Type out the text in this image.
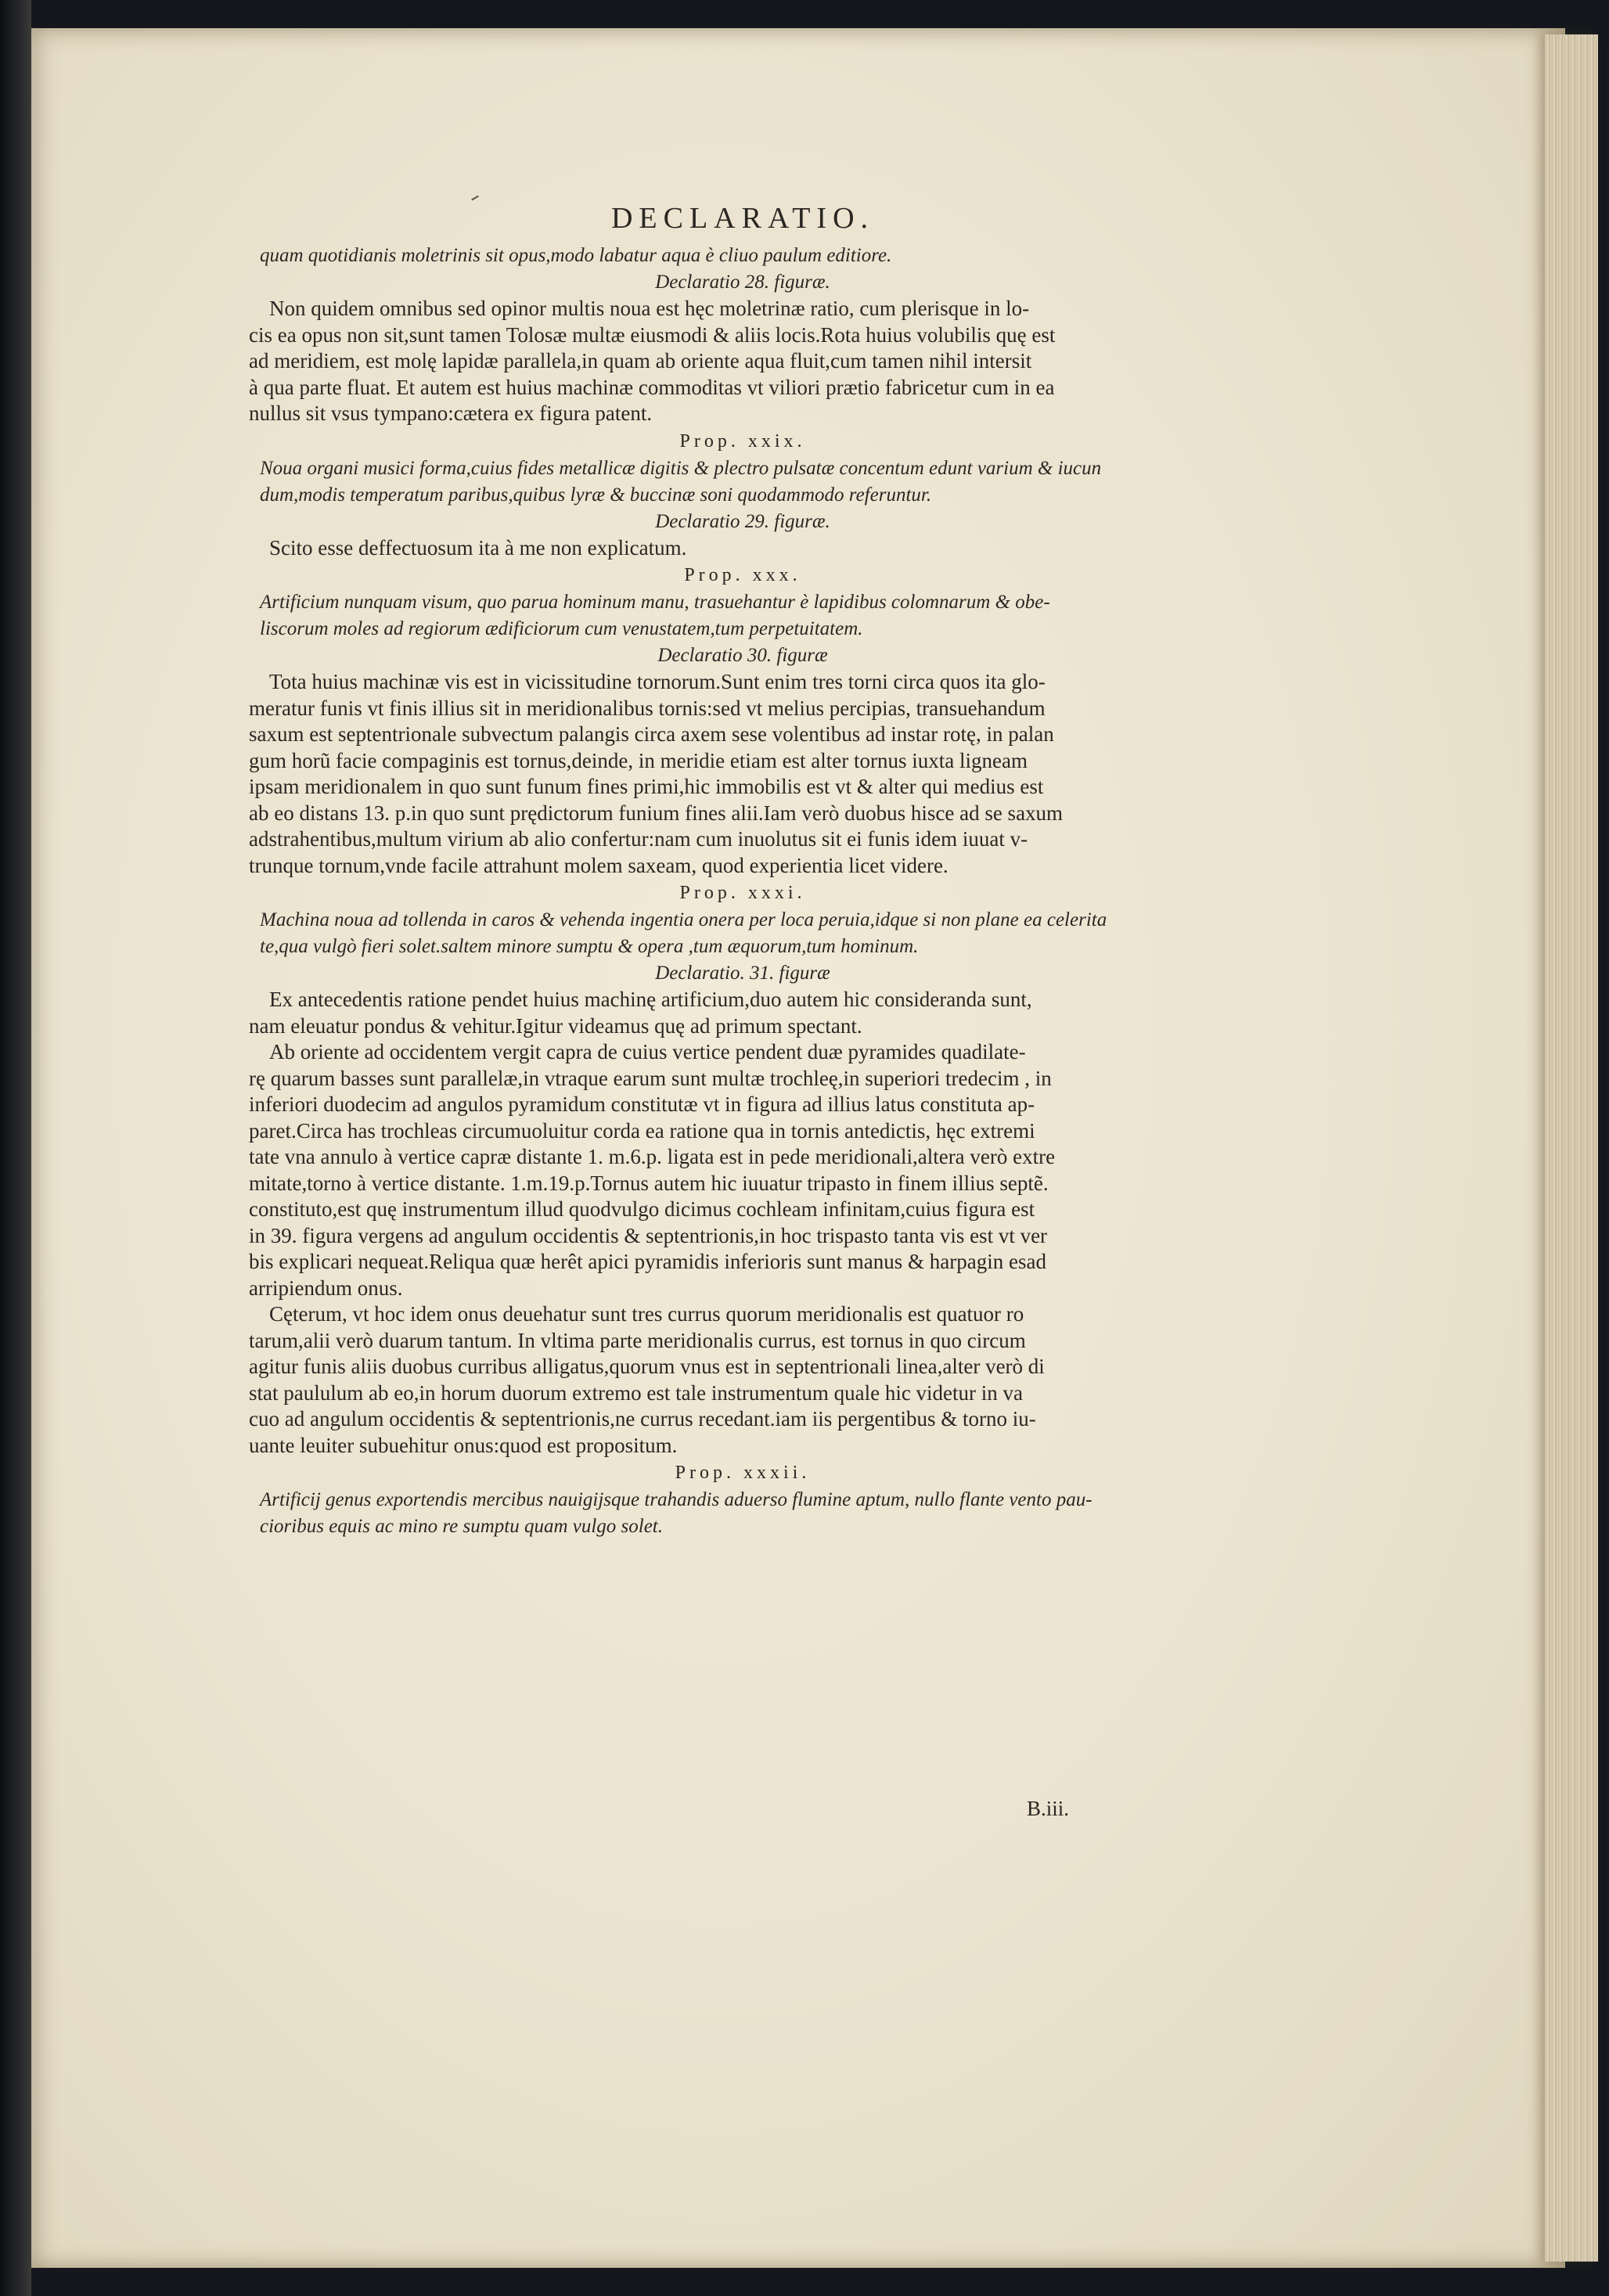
DECLARATIO.
quam quotidianis moletrinis sit opus,modo labatur aqua è cliuo paulum editiore.
Declaratio 28. figuræ.
Non quidem omnibus sed opinor multis noua est hęc moletrinæ ratio, cum plerisque in lo-
cis ea opus non sit,sunt tamen Tolosæ multæ eiusmodi & aliis locis.Rota huius volubilis quę est
ad meridiem, est molę lapidæ parallela,in quam ab oriente aqua fluit,cum tamen nihil intersit
à qua parte fluat. Et autem est huius machinæ commoditas vt viliori prætio fabricetur cum in ea
nullus sit vsus tympano:cætera ex figura patent.
Prop. xxix.
Noua organi musici forma,cuius fides metallicæ digitis & plectro pulsatæ concentum edunt varium & iucun
dum,modis temperatum paribus,quibus lyræ & buccinæ soni quodammodo referuntur.
Declaratio 29. figuræ.
Scito esse deffectuosum ita à me non explicatum.
Prop. xxx.
Artificium nunquam visum, quo parua hominum manu, trasuehantur è lapidibus colomnarum & obe-
liscorum moles ad regiorum ædificiorum cum venustatem,tum perpetuitatem.
Declaratio 30. figuræ
Tota huius machinæ vis est in vicissitudine tornorum.Sunt enim tres torni circa quos ita glo-
meratur funis vt finis illius sit in meridionalibus tornis:sed vt melius percipias, transuehandum
saxum est septentrionale subvectum palangis circa axem sese volentibus ad instar rotę, in palan
gum horũ facie compaginis est tornus,deinde, in meridie etiam est alter tornus iuxta ligneam
ipsam meridionalem in quo sunt funum fines primi,hic immobilis est vt & alter qui medius est
ab eo distans 13. p.in quo sunt prędictorum funium fines alii.Iam verò duobus hisce ad se saxum
adstrahentibus,multum virium ab alio confertur:nam cum inuolutus sit ei funis idem iuuat v-
trunque tornum,vnde facile attrahunt molem saxeam, quod experientia licet videre.
Prop. xxxi.
Machina noua ad tollenda in caros & vehenda ingentia onera per loca peruia,idque si non plane ea celerita
te,qua vulgò fieri solet.saltem minore sumptu & opera ,tum æquorum,tum hominum.
Declaratio. 31. figuræ
Ex antecedentis ratione pendet huius machinę artificium,duo autem hic consideranda sunt,
nam eleuatur pondus & vehitur.Igitur videamus quę ad primum spectant.
Ab oriente ad occidentem vergit capra de cuius vertice pendent duæ pyramides quadilate-
rę quarum basses sunt parallelæ,in vtraque earum sunt multæ trochleę,in superiori tredecim , in
inferiori duodecim ad angulos pyramidum constitutæ vt in figura ad illius latus constituta ap-
paret.Circa has trochleas circumuoluitur corda ea ratione qua in tornis antedictis, hęc extremi
tate vna annulo à vertice capræ distante 1. m.6.p. ligata est in pede meridionali,altera verò extre
mitate,torno à vertice distante. 1.m.19.p.Tornus autem hic iuuatur tripasto in finem illius septẽ.
constituto,est quę instrumentum illud quodvulgo dicimus cochleam infinitam,cuius figura est
in 39. figura vergens ad angulum occidentis & septentrionis,in hoc trispasto tanta vis est vt ver
bis explicari nequeat.Reliqua quæ herêt apici pyramidis inferioris sunt manus & harpagin esad
arripiendum onus.
Cęterum, vt hoc idem onus deuehatur sunt tres currus quorum meridionalis est quatuor ro
tarum,alii verò duarum tantum. In vltima parte meridionalis currus, est tornus in quo circum
agitur funis aliis duobus curribus alligatus,quorum vnus est in septentrionali linea,alter verò di
stat paululum ab eo,in horum duorum extremo est tale instrumentum quale hic videtur in va
cuo ad angulum occidentis & septentrionis,ne currus recedant.iam iis pergentibus & torno iu-
uante leuiter subuehitur onus:quod est propositum.
Prop. xxxii.
Artificij genus exportendis mercibus nauigijsque trahandis aduerso flumine aptum, nullo flante vento pau-
cioribus equis ac mino re sumptu quam vulgo solet.
B.iii.
